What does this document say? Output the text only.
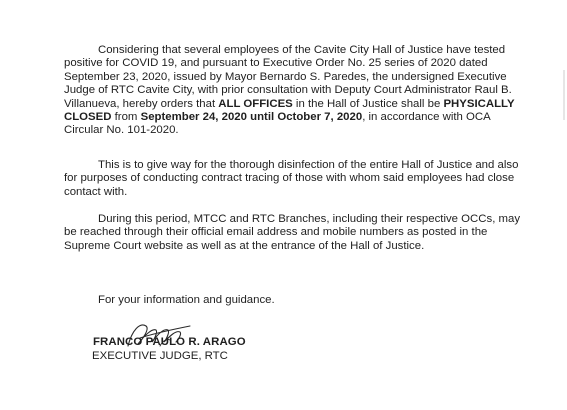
Considering that several employees of the Cavite City Hall of Justice have tested positive for COVID 19, and pursuant to Executive Order No. 25 series of 2020 dated September 23, 2020, issued by Mayor Bernardo S. Paredes, the undersigned Executive Judge of RTC Cavite City, with prior consultation with Deputy Court Administrator Raul B. Villanueva, hereby orders that ALL OFFICES in the Hall of Justice shall be PHYSICALLY CLOSED from September 24, 2020 until October 7, 2020, in accordance with OCA Circular No. 101-2020.

This is to give way for the thorough disinfection of the entire Hall of Justice and also for purposes of conducting contract tracing of those with whom said employees had close contact with.

During this period, MTCC and RTC Branches, including their respective OCCs, may be reached through their official email address and mobile numbers as posted in the Supreme Court website as well as at the entrance of the Hall of Justice.

For your information and guidance.

FRANCO PAULO R. ARAGO
EXECUTIVE JUDGE, RTC
